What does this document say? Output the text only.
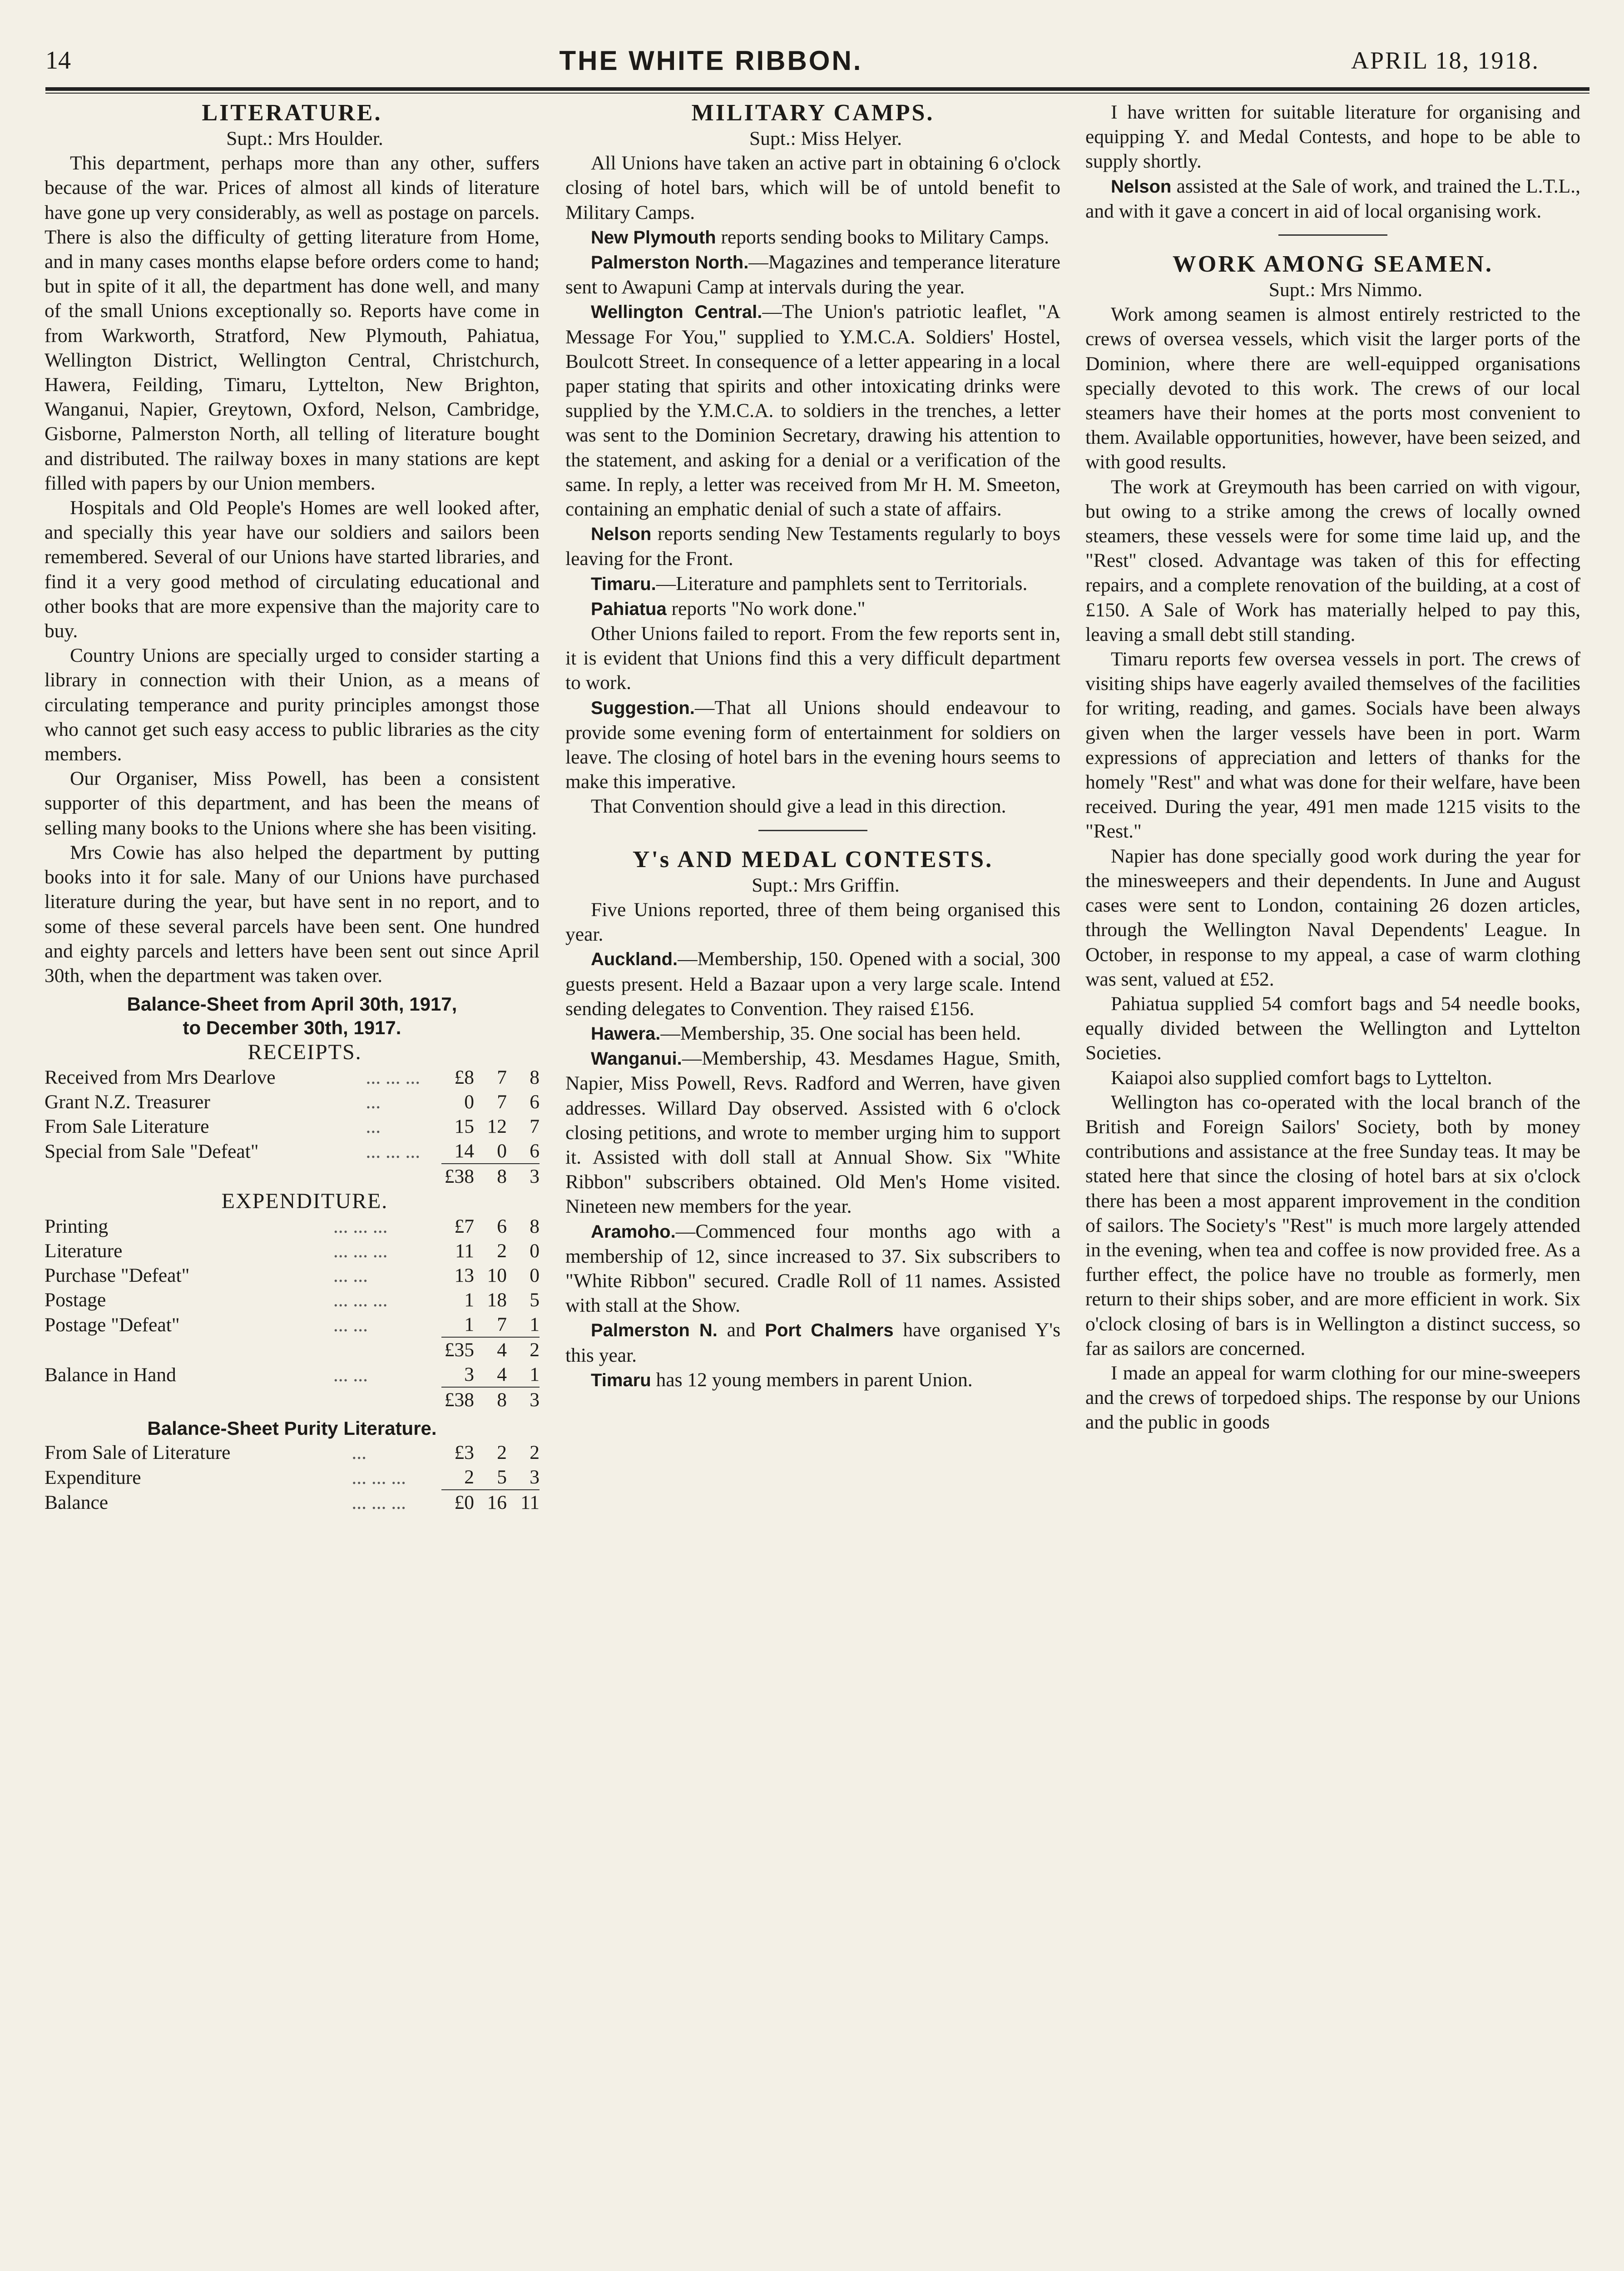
14	THE WHITE RIBBON.	APRIL 18, 1918.
LITERATURE.

Supt.: Mrs Houlder.

This department, perhaps more than any other, suffers because of the war. Prices of almost all kinds of literature have gone up very considerably, as well as postage on parcels. There is also the difficulty of getting literature from Home, and in many cases months elapse before orders come to hand; but in spite of it all, the department has done well, and many of the small Unions exceptionally so. Reports have come in from Warkworth, Stratford, New Plymouth, Pahiatua, Wellington District, Wellington Central, Christchurch, Hawera, Feilding, Timaru, Lyttelton, New Brighton, Wanganui, Napier, Greytown, Oxford, Nelson, Cambridge, Gisborne, Palmerston North, all telling of literature bought and distributed. The railway boxes in many stations are kept filled with papers by our Union members.

Hospitals and Old People's Homes are well looked after, and specially this year have our soldiers and sailors been remembered. Several of our Unions have started libraries, and find it a very good method of circulating educational and other books that are more expensive than the majority care to buy.

Country Unions are specially urged to consider starting a library in connection with their Union, as a means of circulating temperance and purity principles amongst those who cannot get such easy access to public libraries as the city members.

Our Organiser, Miss Powell, has been a consistent supporter of this department, and has been the means of selling many books to the Unions where she has been visiting.

Mrs Cowie has also helped the department by putting books into it for sale. Many of our Unions have purchased literature during the year, but have sent in no report, and to some of these several parcels have been sent. One hundred and eighty parcels and letters have been sent out since April 30th, when the department was taken over.

Balance-Sheet from April 30th, 1917,
to December 30th, 1917.

RECEIPTS.

Received from Mrs Dearlove	... ... ...	£8	7	8
Grant N.Z. Treasurer	...	0	7	6
From Sale Literature	...	15	12	7
Special from Sale "Defeat"	... ... ...	14	0	6
		£38	8	3

EXPENDITURE.

Printing	... ... ...	£7	6	8
Literature	... ... ...	11	2	0
Purchase "Defeat"	... ...	13	10	0
Postage	... ... ...	1	18	5
Postage "Defeat"	... ...	1	7	1
		£35	4	2
Balance in Hand	... ...	3	4	1
		£38	8	3
Balance-Sheet Purity Literature.
From Sale of Literature	...	£3	2	2
Expenditure	... ... ...	2	5	3
Balance	... ... ...	£0	16	11
MILITARY CAMPS.

Supt.: Miss Helyer.

All Unions have taken an active part in obtaining 6 o'clock closing of hotel bars, which will be of untold benefit to Military Camps.

New Plymouth reports sending books to Military Camps.

Palmerston North.—Magazines and temperance literature sent to Awapuni Camp at intervals during the year.

Wellington Central.—The Union's patriotic leaflet, "A Message For You," supplied to Y.M.C.A. Soldiers' Hostel, Boulcott Street. In consequence of a letter appearing in a local paper stating that spirits and other intoxicating drinks were supplied by the Y.M.C.A. to soldiers in the trenches, a letter was sent to the Dominion Secretary, drawing his attention to the statement, and asking for a denial or a verification of the same. In reply, a letter was received from Mr H. M. Smeeton, containing an emphatic denial of such a state of affairs.

Nelson reports sending New Testaments regularly to boys leaving for the Front.

Timaru.—Literature and pamphlets sent to Territorials.

Pahiatua reports "No work done."

Other Unions failed to report. From the few reports sent in, it is evident that Unions find this a very difficult department to work.

Suggestion.—That all Unions should endeavour to provide some evening form of entertainment for soldiers on leave. The closing of hotel bars in the evening hours seems to make this imperative.

That Convention should give a lead in this direction.

Y's AND MEDAL CONTESTS.

Supt.: Mrs Griffin.

Five Unions reported, three of them being organised this year.

Auckland.—Membership, 150. Opened with a social, 300 guests present. Held a Bazaar upon a very large scale. Intend sending delegates to Convention. They raised £156.

Hawera.—Membership, 35. One social has been held.

Wanganui.—Membership, 43. Mesdames Hague, Smith, Napier, Miss Powell, Revs. Radford and Werren, have given addresses. Willard Day observed. Assisted with 6 o'clock closing petitions, and wrote to member urging him to support it. Assisted with doll stall at Annual Show. Six "White Ribbon" subscribers obtained. Old Men's Home visited. Nineteen new members for the year.

Aramoho.—Commenced four months ago with a membership of 12, since increased to 37. Six subscribers to "White Ribbon" secured. Cradle Roll of 11 names. Assisted with stall at the Show.

Palmerston N. and Port Chalmers have organised Y's this year.

Timaru has 12 young members in parent Union.

I have written for suitable literature for organising and equipping Y. and Medal Contests, and hope to be able to supply shortly.

Nelson assisted at the Sale of work, and trained the L.T.L., and with it gave a concert in aid of local organising work.

WORK AMONG SEAMEN.

Supt.: Mrs Nimmo.

Work among seamen is almost entirely restricted to the crews of oversea vessels, which visit the larger ports of the Dominion, where there are well-equipped organisations specially devoted to this work. The crews of our local steamers have their homes at the ports most convenient to them. Available opportunities, however, have been seized, and with good results.

The work at Greymouth has been carried on with vigour, but owing to a strike among the crews of locally owned steamers, these vessels were for some time laid up, and the "Rest" closed. Advantage was taken of this for effecting repairs, and a complete renovation of the building, at a cost of £150. A Sale of Work has materially helped to pay this, leaving a small debt still standing.

Timaru reports few oversea vessels in port. The crews of visiting ships have eagerly availed themselves of the facilities for writing, reading, and games. Socials have been always given when the larger vessels have been in port. Warm expressions of appreciation and letters of thanks for the homely "Rest" and what was done for their welfare, have been received. During the year, 491 men made 1215 visits to the "Rest."

Napier has done specially good work during the year for the minesweepers and their dependents. In June and August cases were sent to London, containing 26 dozen articles, through the Wellington Naval Dependents' League. In October, in response to my appeal, a case of warm clothing was sent, valued at £52.

Pahiatua supplied 54 comfort bags and 54 needle books, equally divided between the Wellington and Lyttelton Societies.

Kaiapoi also supplied comfort bags to Lyttelton.

Wellington has co-operated with the local branch of the British and Foreign Sailors' Society, both by money contributions and assistance at the free Sunday teas. It may be stated here that since the closing of hotel bars at six o'clock there has been a most apparent improvement in the condition of sailors. The Society's "Rest" is much more largely attended in the evening, when tea and coffee is now provided free. As a further effect, the police have no trouble as formerly, men return to their ships sober, and are more efficient in work. Six o'clock closing of bars is in Wellington a distinct success, so far as sailors are concerned.

I made an appeal for warm clothing for our mine-sweepers and the crews of torpedoed ships. The response by our Unions and the public in goods
